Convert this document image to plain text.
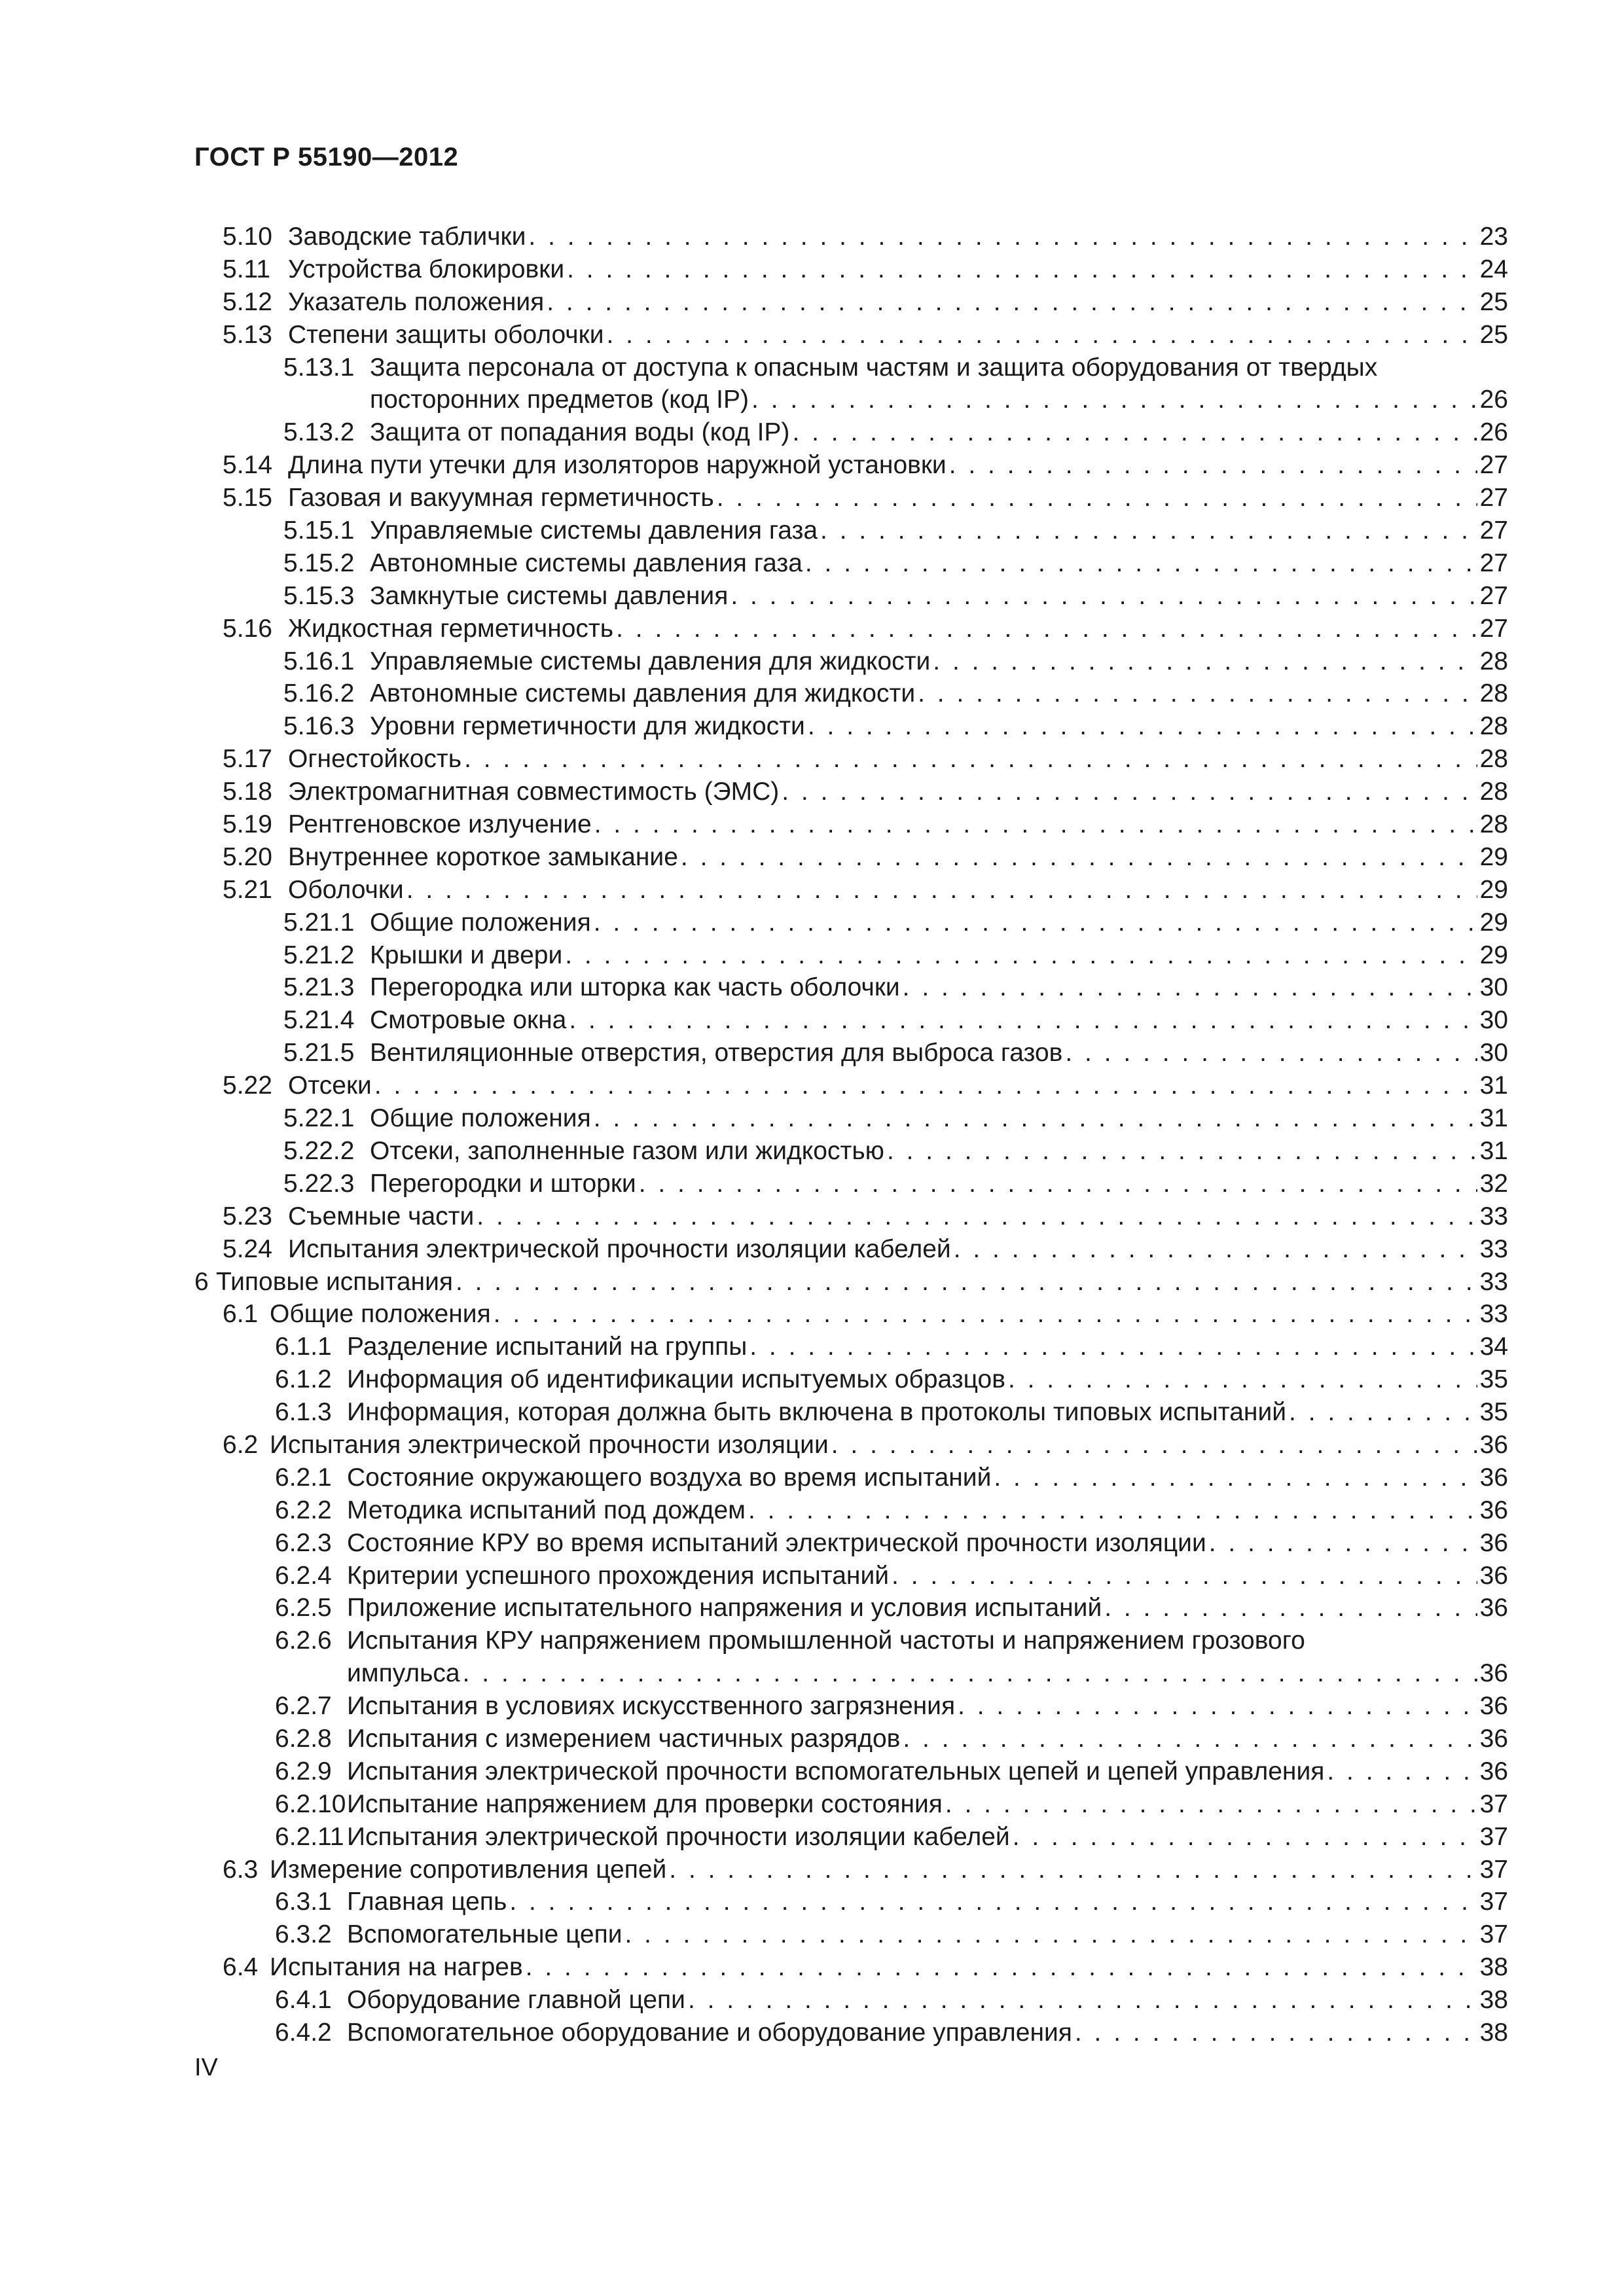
ГОСТ Р 55190—2012
5.10 Заводские таблички . . .	23
5.11 Устройства блокировки . . .	24
5.12 Указатель положения . . .	25
5.13 Степени защиты оболочки . . .	25
5.13.1 Защита персонала от доступа к опасным частям и защита оборудования от твердых
посторонних предметов (код IP) . . .	26
5.13.2 Защита от попадания воды (код IP) . . .	26
5.14 Длина пути утечки для изоляторов наружной установки . . .	27
5.15 Газовая и вакуумная герметичность . . .	27
5.15.1 Управляемые системы давления газа . . .	27
5.15.2 Автономные системы давления газа . . .	27
5.15.3 Замкнутые системы давления . . .	27
5.16 Жидкостная герметичность . . .	27
5.16.1 Управляемые системы давления для жидкости . . .	28
5.16.2 Автономные системы давления для жидкости . . .	28
5.16.3 Уровни герметичности для жидкости . . .	28
5.17 Огнестойкость . . .	28
5.18 Электромагнитная совместимость (ЭМС) . . .	28
5.19 Рентгеновское излучение . . .	28
5.20 Внутреннее короткое замыкание . . .	29
5.21 Оболочки . . .	29
5.21.1 Общие положения . . .	29
5.21.2 Крышки и двери . . .	29
5.21.3 Перегородка или шторка как часть оболочки . . .	30
5.21.4 Смотровые окна . . .	30
5.21.5 Вентиляционные отверстия, отверстия для выброса газов . . .	30
5.22 Отсеки . . .	31
5.22.1 Общие положения . . .	31
5.22.2 Отсеки, заполненные газом или жидкостью . . .	31
5.22.3 Перегородки и шторки . . .	32
5.23 Съемные части . . .	33
5.24 Испытания электрической прочности изоляции кабелей . . .	33
6 Типовые испытания . . .	33
6.1 Общие положения . . .	33
6.1.1 Разделение испытаний на группы . . .	34
6.1.2 Информация об идентификации испытуемых образцов . . .	35
6.1.3 Информация, которая должна быть включена в протоколы типовых испытаний . . .	35
6.2 Испытания электрической прочности изоляции . . .	36
6.2.1 Состояние окружающего воздуха во время испытаний . . .	36
6.2.2 Методика испытаний под дождем . . .	36
6.2.3 Состояние КРУ во время испытаний электрической прочности изоляции . . .	36
6.2.4 Критерии успешного прохождения испытаний . . .	36
6.2.5 Приложение испытательного напряжения и условия испытаний . . .	36
6.2.6 Испытания КРУ напряжением промышленной частоты и напряжением грозового
импульса . . .	36
6.2.7 Испытания в условиях искусственного загрязнения . . .	36
6.2.8 Испытания с измерением частичных разрядов . . .	36
6.2.9 Испытания электрической прочности вспомогательных цепей и цепей управления . . .	36
6.2.10 Испытание напряжением для проверки состояния . . .	37
6.2.11 Испытания электрической прочности изоляции кабелей . . .	37
6.3 Измерение сопротивления цепей . . .	37
6.3.1 Главная цепь . . .	37
6.3.2 Вспомогательные цепи . . .	37
6.4 Испытания на нагрев . . .	38
6.4.1 Оборудование главной цепи . . .	38
6.4.2 Вспомогательное оборудование и оборудование управления . . .	38
IV
